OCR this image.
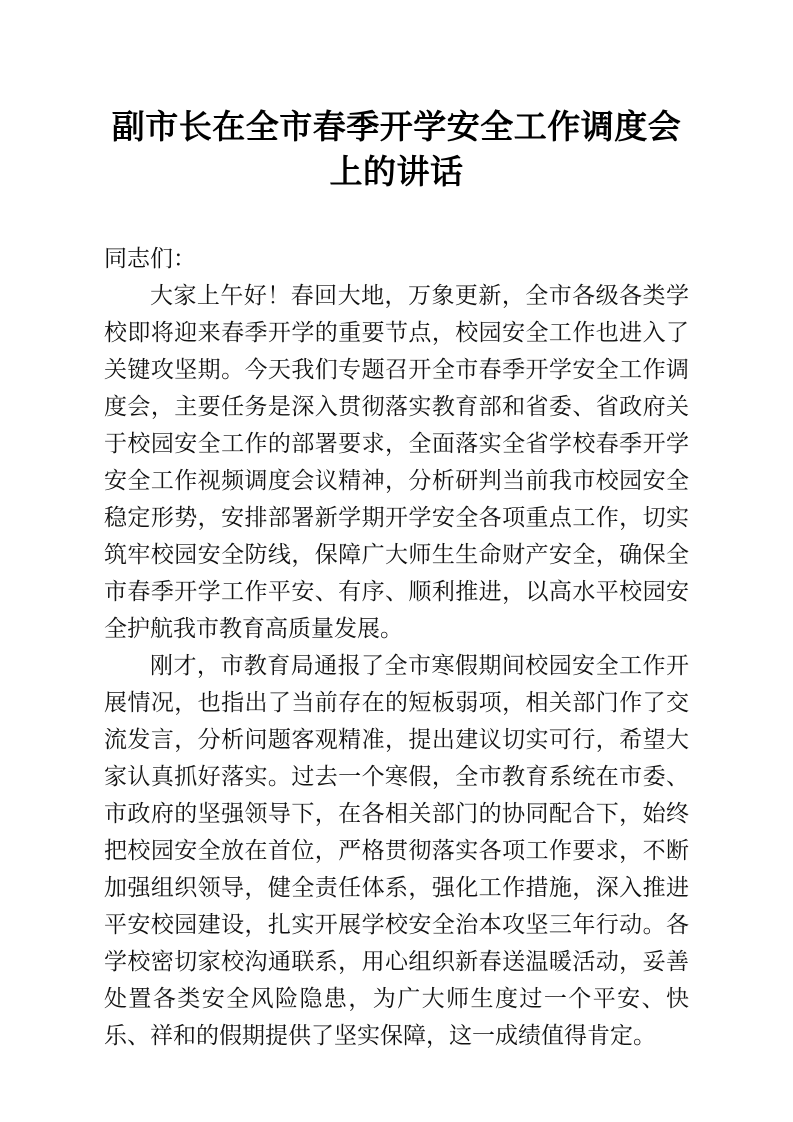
副市长在全市春季开学安全工作调度会上的讲话

同志们：

大家上午好！春回大地，万象更新，全市各级各类学校即将迎来春季开学的重要节点，校园安全工作也进入了关键攻坚期。今天我们专题召开全市春季开学安全工作调度会，主要任务是深入贯彻落实教育部和省委、省政府关于校园安全工作的部署要求，全面落实全省学校春季开学安全工作视频调度会议精神，分析研判当前我市校园安全稳定形势，安排部署新学期开学安全各项重点工作，切实筑牢校园安全防线，保障广大师生生命财产安全，确保全市春季开学工作平安、有序、顺利推进，以高水平校园安全护航我市教育高质量发展。

刚才，市教育局通报了全市寒假期间校园安全工作开展情况，也指出了当前存在的短板弱项，相关部门作了交流发言，分析问题客观精准，提出建议切实可行，希望大家认真抓好落实。过去一个寒假，全市教育系统在市委、市政府的坚强领导下，在各相关部门的协同配合下，始终把校园安全放在首位，严格贯彻落实各项工作要求，不断加强组织领导，健全责任体系，强化工作措施，深入推进平安校园建设，扎实开展学校安全治本攻坚三年行动。各学校密切家校沟通联系，用心组织新春送温暖活动，妥善处置各类安全风险隐患，为广大师生度过一个平安、快乐、祥和的假期提供了坚实保障，这一成绩值得肯定。
